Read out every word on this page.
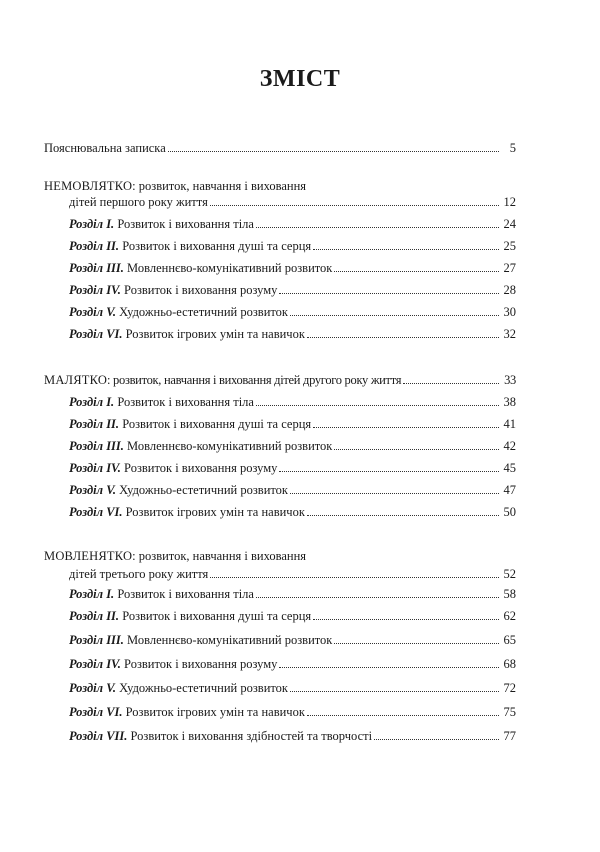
ЗМІСТ
Пояснювальна записка	5
НЕМОВЛЯТКО: розвиток, навчання і виховання
дітей першого року життя	12
Розділ I. Розвиток і виховання тіла	24
Розділ II. Розвиток і виховання душі та серця	25
Розділ III. Мовленнєво-комунікативний розвиток	27
Розділ IV. Розвиток і виховання розуму	28
Розділ V. Художньо-естетичний розвиток	30
Розділ VI. Розвиток ігрових умін та навичок	32
МАЛЯТКО: розвиток, навчання і виховання дітей другого року життя	33
Розділ I. Розвиток і виховання тіла	38
Розділ II. Розвиток і виховання душі та серця	41
Розділ III. Мовленнєво-комунікативний розвиток	42
Розділ IV. Розвиток і виховання розуму	45
Розділ V. Художньо-естетичний розвиток	47
Розділ VI. Розвиток ігрових умін та навичок	50
МОВЛЕНЯТКО: розвиток, навчання і виховання
дітей третього року життя	52
Розділ I. Розвиток і виховання тіла	58
Розділ II. Розвиток і виховання душі та серця	62
Розділ III. Мовленнєво-комунікативний розвиток	65
Розділ IV. Розвиток і виховання розуму	68
Розділ V. Художньо-естетичний розвиток	72
Розділ VI. Розвиток ігрових умін та навичок	75
Розділ VII. Розвиток і виховання здібностей та творчості	77
